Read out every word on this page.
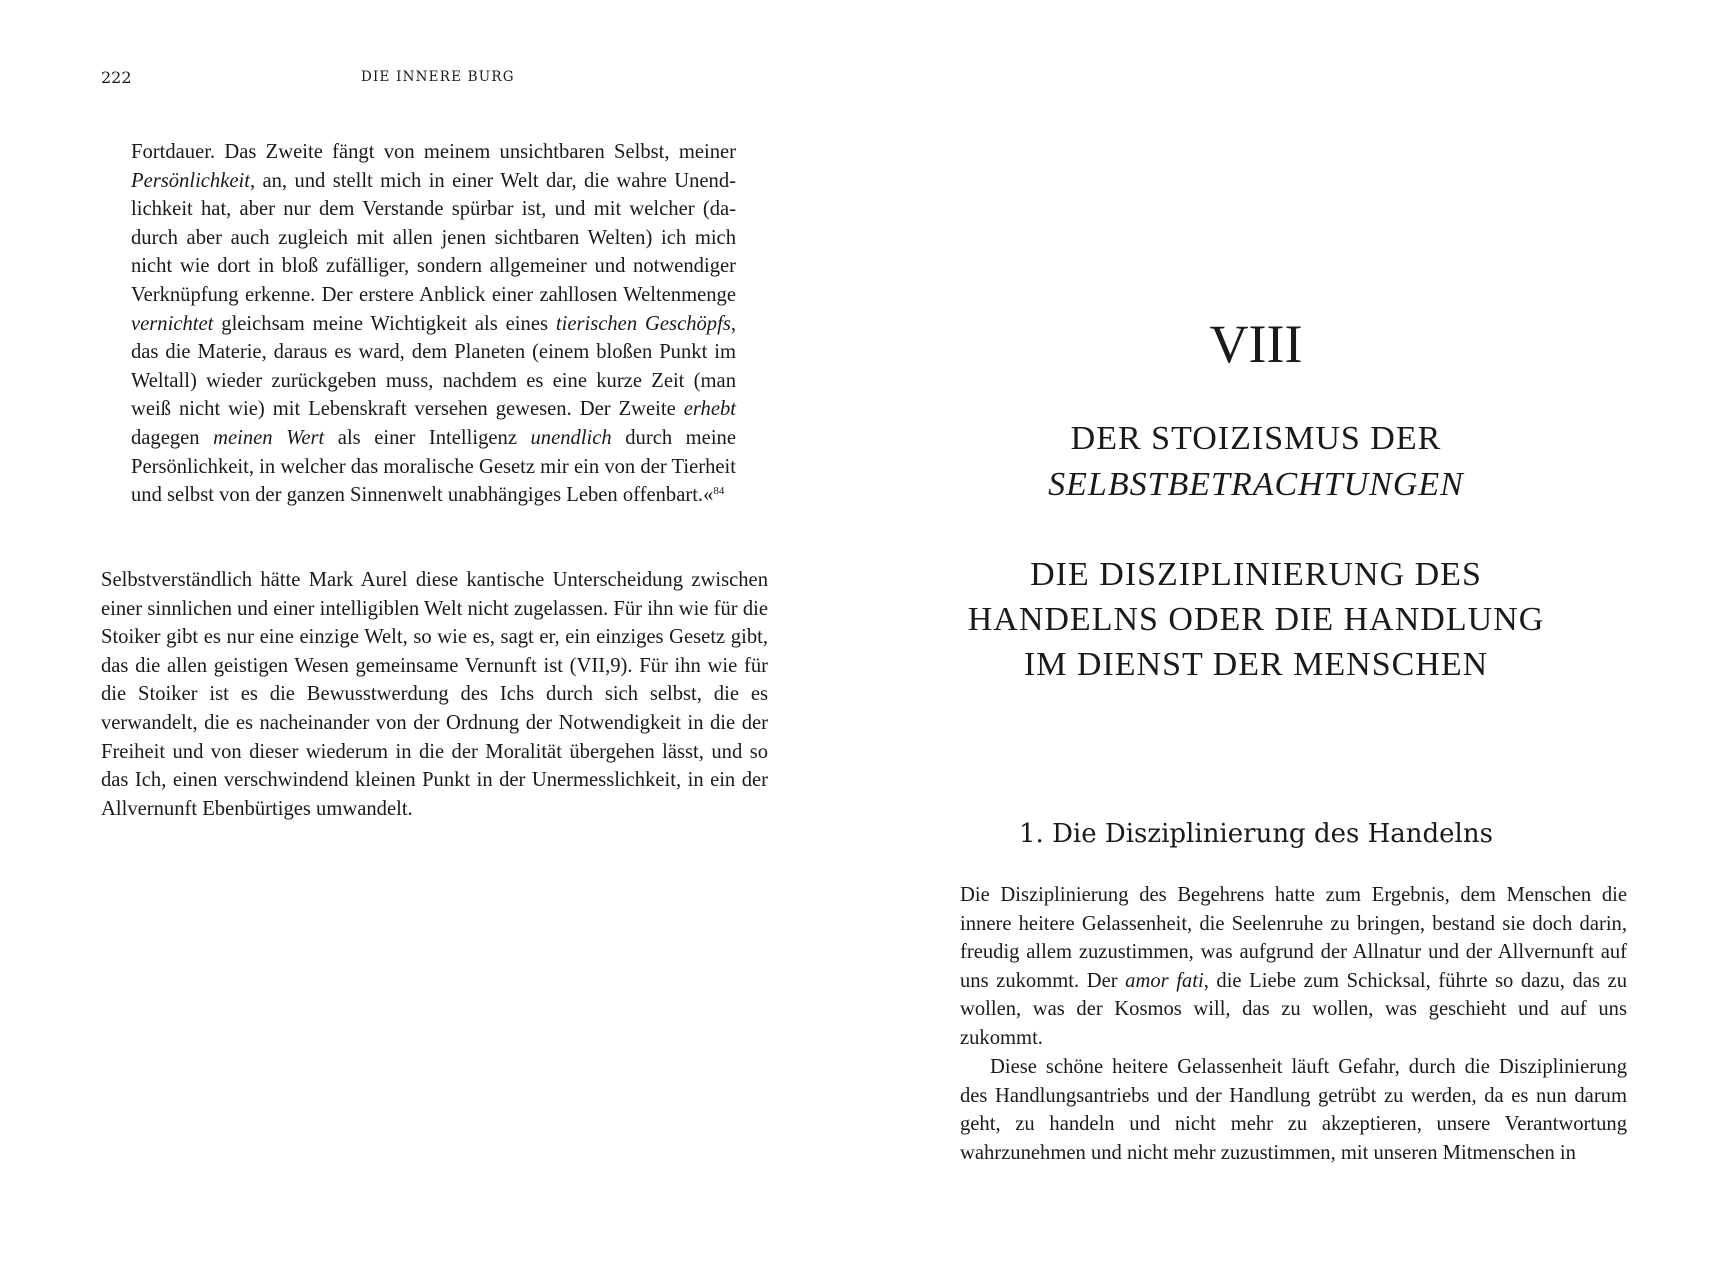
222	DIE INNERE BURG

Fortdauer. Das Zweite fängt von meinem unsichtbaren Selbst, meiner Persönlichkeit, an, und stellt mich in einer Welt dar, die wahre Unendlichkeit hat, aber nur dem Verstande spürbar ist, und mit welcher (dadurch aber auch zugleich mit allen jenen sichtbaren Welten) ich mich nicht wie dort in bloß zufälliger, sondern allgemeiner und notwendiger Verknüpfung erkenne. Der erstere Anblick einer zahllosen Weltenmenge vernichtet gleichsam meine Wichtigkeit als eines tierischen Geschöpfs, das die Materie, daraus es ward, dem Planeten (einem bloßen Punkt im Weltall) wieder zurückgeben muss, nachdem es eine kurze Zeit (man weiß nicht wie) mit Lebenskraft versehen gewesen. Der Zweite erhebt dagegen meinen Wert als einer Intelligenz unendlich durch meine Persönlichkeit, in welcher das moralische Gesetz mir ein von der Tierheit und selbst von der ganzen Sinnenwelt unabhängiges Leben offenbart.«$^{84}$

Selbstverständlich hätte Mark Aurel diese kantische Unterscheidung zwischen einer sinnlichen und einer intelligiblen Welt nicht zugelassen. Für ihn wie für die Stoiker gibt es nur eine einzige Welt, so wie es, sagt er, ein einziges Gesetz gibt, das die allen geistigen Wesen gemeinsame Vernunft ist (VII,9). Für ihn wie für die Stoiker ist es die Bewusstwerdung des Ichs durch sich selbst, die es verwandelt, die es nacheinander von der Ordnung der Notwendigkeit in die der Freiheit und von dieser wiederum in die der Moralität übergehen lässt, und so das Ich, einen verschwindend kleinen Punkt in der Unermesslichkeit, in ein der Allvernunft Ebenbürtiges umwandelt.

VIII
DER STOIZISMUS DER
SELBSTBETRACHTUNGEN
DIE DISZIPLINIERUNG DES
HANDELNS ODER DIE HANDLUNG
IM DIENST DER MENSCHEN
1. Die Disziplinierung des Handelns

Die Disziplinierung des Begehrens hatte zum Ergebnis, dem Menschen die innere heitere Gelassenheit, die Seelenruhe zu bringen, bestand sie doch darin, freudig allem zuzustimmen, was aufgrund der Allnatur und der Allvernunft auf uns zukommt. Der amor fati, die Liebe zum Schicksal, führte so dazu, das zu wollen, was der Kosmos will, das zu wollen, was geschieht und auf uns zukommt.

Diese schöne heitere Gelassenheit läuft Gefahr, durch die Disziplinierung des Handlungsantriebs und der Handlung getrübt zu werden, da es nun darum geht, zu handeln und nicht mehr zu akzeptieren, unsere Verantwortung wahrzunehmen und nicht mehr zuzustimmen, mit unseren Mitmenschen in
